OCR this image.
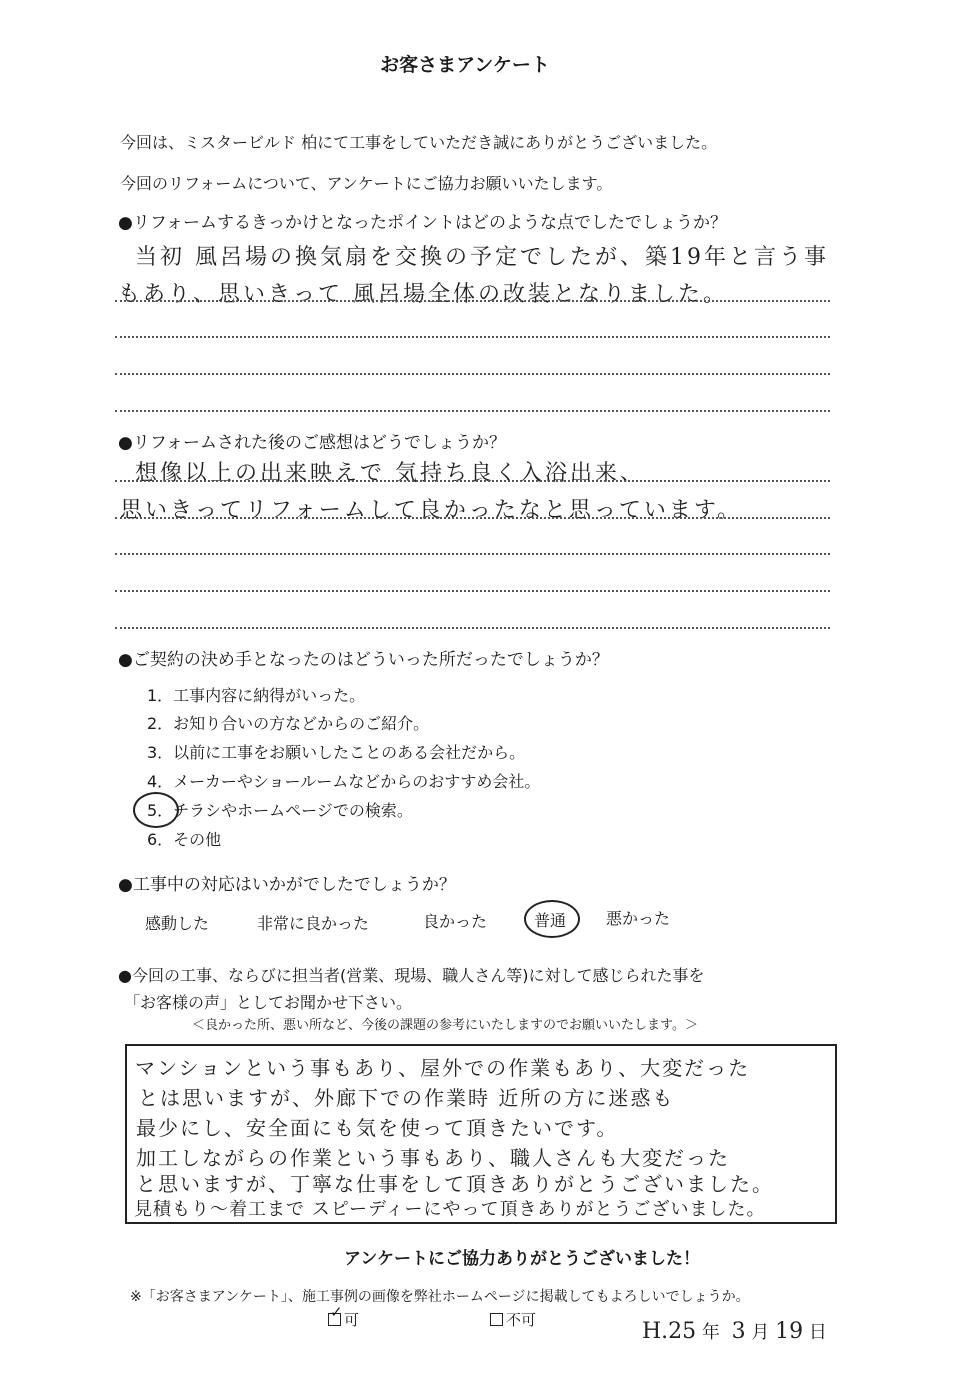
お客さまアンケート
今回は、ミスタービルド 柏にて工事をしていただき誠にありがとうございました。
今回のリフォームについて、アンケートにご協力お願いいたします。
●リフォームするきっかけとなったポイントはどのような点でしたでしょうか？
当初 風呂場の換気扇を交換の予定でしたが、築19年と言う事
もあり、思いきって 風呂場全体の改装となりました。
●リフォームされた後のご感想はどうでしょうか？
想像以上の出来映えで 気持ち良く入浴出来、
思いきってリフォームして良かったなと思っています。
●ご契約の決め手となったのはどういった所だったでしょうか？
1．工事内容に納得がいった。
2．お知り合いの方などからのご紹介。
3．以前に工事をお願いしたことのある会社だから。
4．メーカーやショールームなどからのおすすめ会社。
5．チラシやホームページでの検索。
6．その他
●工事中の対応はいかがでしたでしょうか？
感動した	非常に良かった	良かった	普通 悪かった
●今回の工事、ならびに担当者(営業、現場、職人さん等)に対して感じられた事を
「お客様の声」としてお聞かせ下さい。
＜良かった所、悪い所など、今後の課題の参考にいたしますのでお願いいたします。＞
マンションという事もあり、屋外での作業もあり、大変だった
とは思いますが、外廊下での作業時 近所の方に迷惑も
最少にし、安全面にも気を使って頂きたいです。
加工しながらの作業という事もあり、職人さんも大変だった
と思いますが、丁寧な仕事をして頂きありがとうございました。
見積もり～着工まで スピーディーにやって頂きありがとうございました。
アンケートにご協力ありがとうございました！
※「お客さまアンケート」、施工事例の画像を弊社ホームページに掲載してもよろしいでしょうか。
✓ 可	不可	H.25 年 3 月 19 日
